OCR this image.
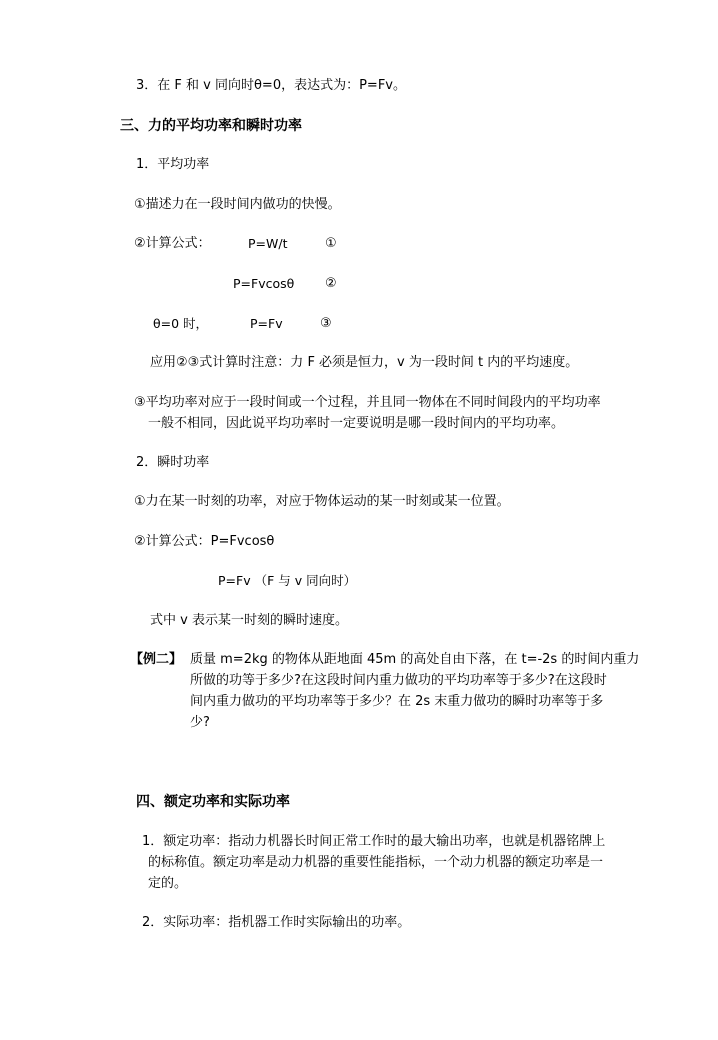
3．在 F 和 v 同向时θ=0，表达式为：P=Fv。
三、力的平均功率和瞬时功率
1．平均功率
①描述力在一段时间内做功的快慢。
②计算公式：	P=W/t	①
P=Fvcosθ ②
θ=0 时，	P=Fv	③
应用②③式计算时注意：力 F 必须是恒力，v 为一段时间 t 内的平均速度。
③平均功率对应于一段时间或一个过程，并且同一物体在不同时间段内的平均功率
一般不相同，因此说平均功率时一定要说明是哪一段时间内的平均功率。
2．瞬时功率
①力在某一时刻的功率，对应于物体运动的某一时刻或某一位置。
②计算公式：P=Fvcosθ
P=Fv （F 与 v 同向时）
式中 v 表示某一时刻的瞬时速度。
【例二】 质量 m=2kg 的物体从距地面 45m 的高处自由下落，在 t=-2s 的时间内重力
所做的功等于多少?在这段时间内重力做功的平均功率等于多少?在这段时
间内重力做功的平均功率等于多少？在 2s 末重力做功的瞬时功率等于多
少?
四、额定功率和实际功率
1．额定功率：指动力机器长时间正常工作时的最大输出功率，也就是机器铭牌上
的标称值。额定功率是动力机器的重要性能指标，一个动力机器的额定功率是一
定的。
2．实际功率：指机器工作时实际输出的功率。
